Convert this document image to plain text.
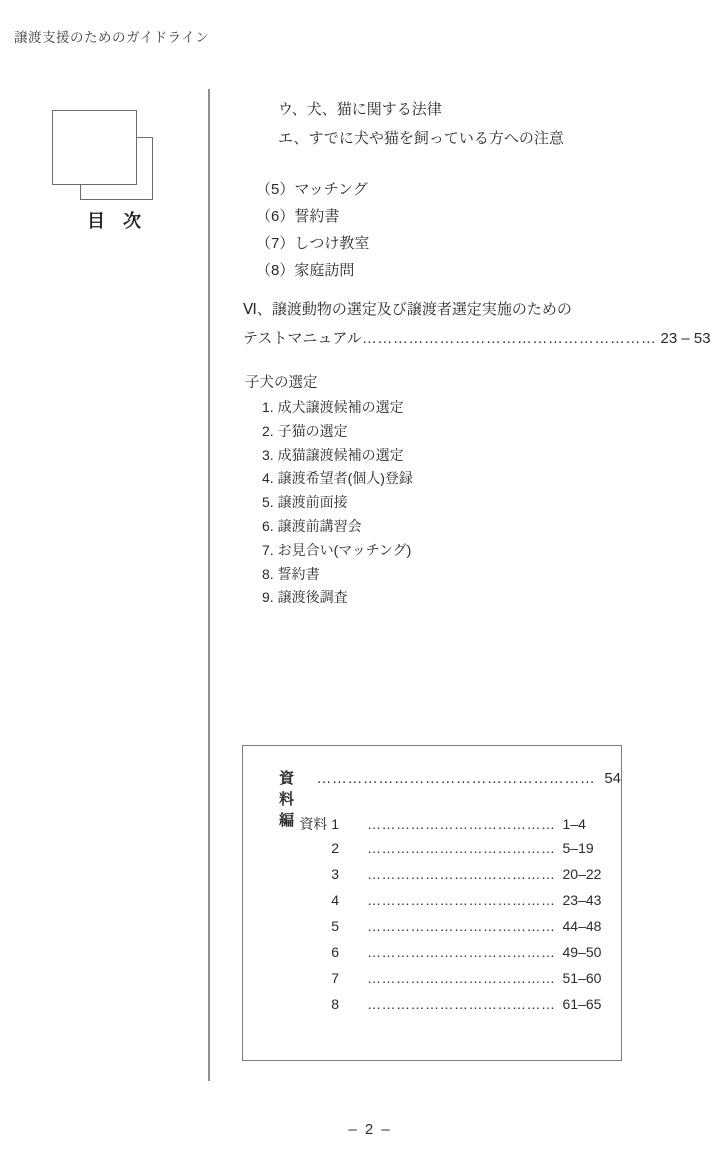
譲渡支援のためのガイドライン
目　次
ウ、犬、猫に関する法律
エ、すでに犬や猫を飼っている方への注意
（5）マッチング
（6）誓約書
（7）しつけ教室
（8）家庭訪問
Ⅵ、譲渡動物の選定及び譲渡者選定実施のための
テストマニュアル………………………………………………… 23 – 53
子犬の選定
1. 成犬譲渡候補の選定
2. 子猫の選定
3. 成猫譲渡候補の選定
4. 譲渡希望者(個人)登録
5. 譲渡前面接
6. 譲渡前講習会
7. お見合い(マッチング)
8. 誓約書
9. 譲渡後調査
資料編
……………………………………………… 54
資料 1 ………………………………… 1–4
2 ………………………………… 5–19
3 ………………………………… 20–22
4 ………………………………… 23–43
5 ………………………………… 44–48
6 ………………………………… 49–50
7 ………………………………… 51–60
8 ………………………………… 61–65
– 2 –
